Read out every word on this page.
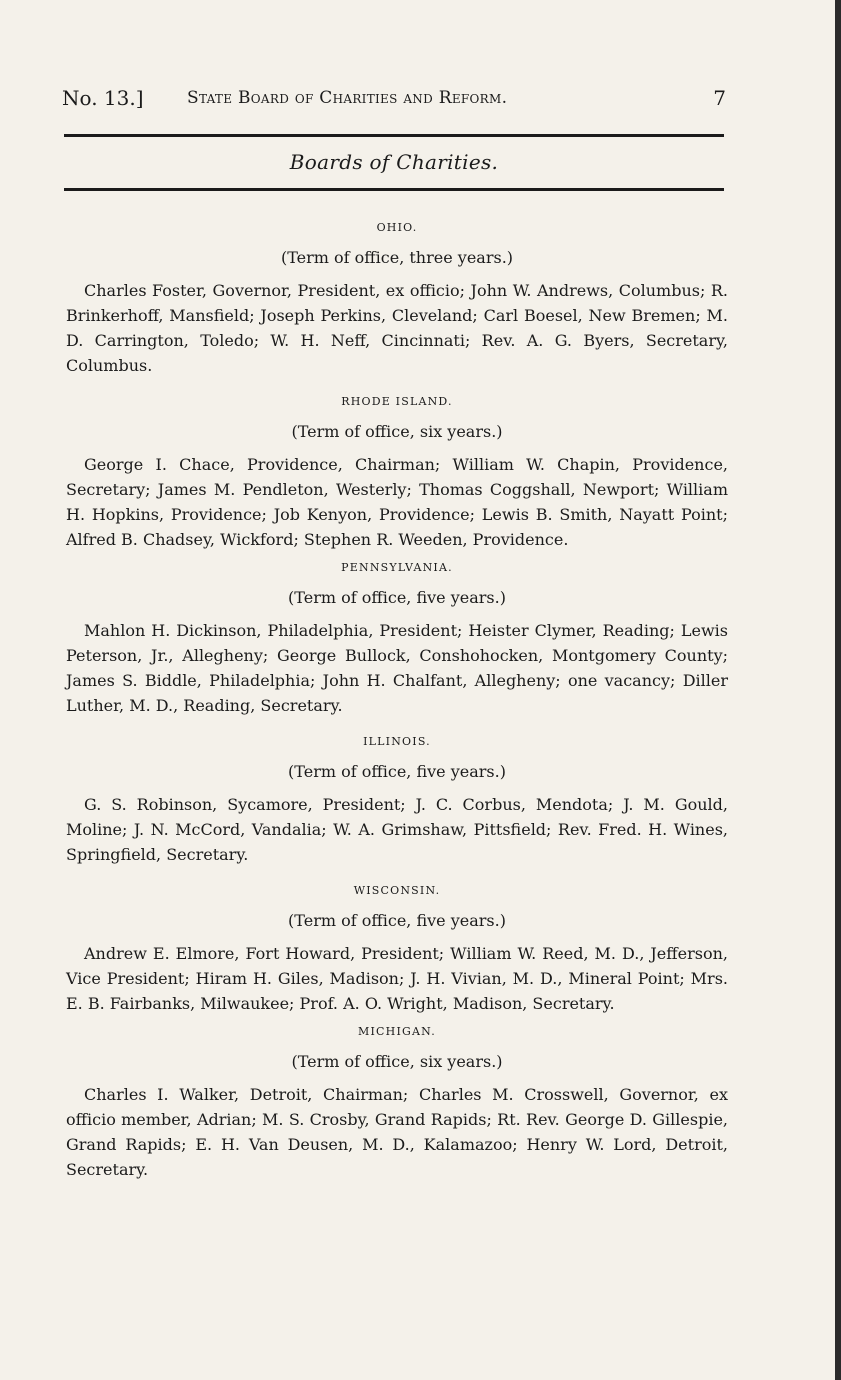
No. 13.]	State Board of Charities and Reform.	7
Boards of Charities.

OHIO.

(Term of office, three years.)

Charles Foster, Governor, President, ex officio; John W. Andrews, Columbus; R. Brinkerhoff, Mansfield; Joseph Perkins, Cleveland; Carl Boesel, New Bremen; M. D. Carrington, Toledo; W. H. Neff, Cincinnati; Rev. A. G. Byers, Secretary, Columbus.

RHODE ISLAND.

(Term of office, six years.)

George I. Chace, Providence, Chairman; William W. Chapin, Providence, Secretary; James M. Pendleton, Westerly; Thomas Coggshall, Newport; William H. Hopkins, Providence; Job Kenyon, Providence; Lewis B. Smith, Nayatt Point; Alfred B. Chadsey, Wickford; Stephen R. Weeden, Providence.

PENNSYLVANIA.

(Term of office, five years.)

Mahlon H. Dickinson, Philadelphia, President; Heister Clymer, Reading; Lewis Peterson, Jr., Allegheny; George Bullock, Conshohocken, Montgomery County; James S. Biddle, Philadelphia; John H. Chalfant, Allegheny; one vacancy; Diller Luther, M. D., Reading, Secretary.

ILLINOIS.

(Term of office, five years.)

G. S. Robinson, Sycamore, President; J. C. Corbus, Mendota; J. M. Gould, Moline; J. N. McCord, Vandalia; W. A. Grimshaw, Pittsfield; Rev. Fred. H. Wines, Springfield, Secretary.

WISCONSIN.

(Term of office, five years.)

Andrew E. Elmore, Fort Howard, President; William W. Reed, M. D., Jefferson, Vice President; Hiram H. Giles, Madison; J. H. Vivian, M. D., Mineral Point; Mrs. E. B. Fairbanks, Milwaukee; Prof. A. O. Wright, Madison, Secretary.

MICHIGAN.

(Term of office, six years.)

Charles I. Walker, Detroit, Chairman; Charles M. Crosswell, Governor, ex officio member, Adrian; M. S. Crosby, Grand Rapids; Rt. Rev. George D. Gillespie, Grand Rapids; E. H. Van Deusen, M. D., Kalamazoo; Henry W. Lord, Detroit, Secretary.
